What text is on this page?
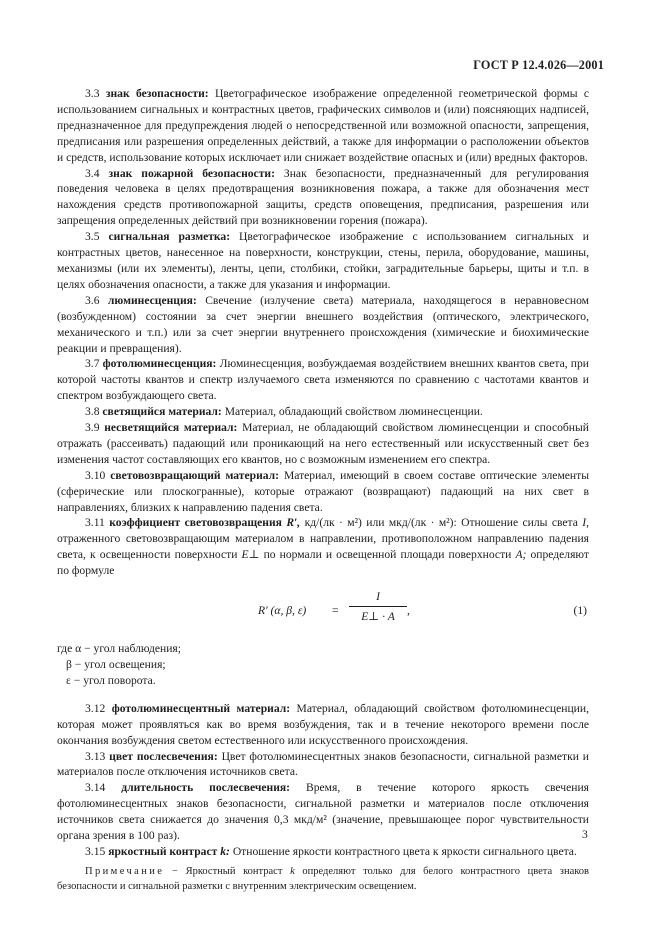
ГОСТ Р 12.4.026—2001

3.3 знак безопасности: Цветографическое изображение определенной геометрической формы с использованием сигнальных и контрастных цветов, графических символов и (или) поясняющих надписей, предназначенное для предупреждения людей о непосредственной или возможной опасности, запрещения, предписания или разрешения определенных действий, а также для информации о расположении объектов и средств, использование которых исключает или снижает воздействие опасных и (или) вредных факторов.

3.4 знак пожарной безопасности: Знак безопасности, предназначенный для регулирования поведения человека в целях предотвращения возникновения пожара, а также для обозначения мест нахождения средств противопожарной защиты, средств оповещения, предписания, разрешения или запрещения определенных действий при возникновении горения (пожара).

3.5 сигнальная разметка: Цветографическое изображение с использованием сигнальных и контрастных цветов, нанесенное на поверхности, конструкции, стены, перила, оборудование, машины, механизмы (или их элементы), ленты, цепи, столбики, стойки, заградительные барьеры, щиты и т.п. в целях обозначения опасности, а также для указания и информации.

3.6 люминесценция: Свечение (излучение света) материала, находящегося в неравновесном (возбужденном) состоянии за счет энергии внешнего воздействия (оптического, электрического, механического и т.п.) или за счет энергии внутреннего происхождения (химические и биохимические реакции и превращения).

3.7 фотолюминесценция: Люминесценция, возбуждаемая воздействием внешних квантов света, при которой частоты квантов и спектр излучаемого света изменяются по сравнению с частотами квантов и спектром возбуждающего света.

3.8 светящийся материал: Материал, обладающий свойством люминесценции.

3.9 несветящийся материал: Материал, не обладающий свойством люминесценции и способный отражать (рассеивать) падающий или проникающий на него естественный или искусственный свет без изменения частот составляющих его квантов, но с возможным изменением его спектра.

3.10 световозвращающий материал: Материал, имеющий в своем составе оптические элементы (сферические или плоскогранные), которые отражают (возвращают) падающий на них свет в направлениях, близких к направлению падения света.

3.11 коэффициент световозвращения R′, кд/(лк · м²) или мкд/(лк · м²): Отношение силы света I, отраженного световозвращающим материалом в направлении, противоположном направлению падения света, к освещенности поверхности E⊥ по нормали и освещенной площади поверхности A; определяют по формуле

R′ (α, β, ε) =
I
E⊥ · A	,	(1)

где α − угол наблюдения;

β − угол освещения;

ε − угол поворота.

3.12 фотолюминесцентный материал: Материал, обладающий свойством фотолюминесценции, которая может проявляться как во время возбуждения, так и в течение некоторого времени после окончания возбуждения светом естественного или искусственного происхождения.

3.13 цвет послесвечения: Цвет фотолюминесцентных знаков безопасности, сигнальной разметки и материалов после отключения источников света.

3.14 длительность послесвечения: Время, в течение которого яркость свечения фотолюминесцентных знаков безопасности, сигнальной разметки и материалов после отключения источников света снижается до значения 0,3 мкд/м² (значение, превышающее порог чувствительности органа зрения в 100 раз).

3.15 яркостный контраст k: Отношение яркости контрастного цвета к яркости сигнального цвета.

Примечание − Яркостный контраст k определяют только для белого контрастного цвета знаков безопасности и сигнальной разметки с внутренним электрическим освещением.

3
